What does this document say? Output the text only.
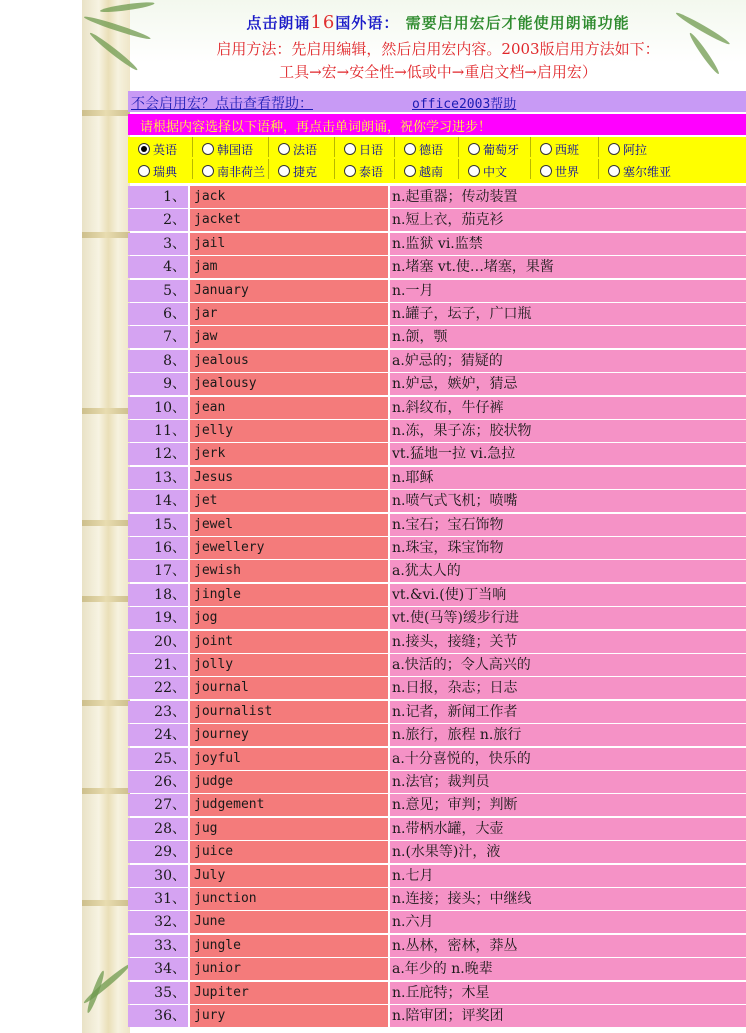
点击朗诵16国外语： 需要启用宏后才能使用朗诵功能
启用方法：先启用编辑，然后启用宏内容。2003版启用方法如下：
工具→宏→安全性→低或中→重启文档→启用宏）
不会启用宏？点击查看帮助：	office2003帮助
请根据内容选择以下语种，再点击单词朗诵，祝你学习进步！
英语	韩国语	法语	日语	德语	葡萄牙	西班	阿拉
瑞典	南非荷兰	捷克	泰语	越南	中文	世界	塞尔维亚
1、 jack	n.起重器；传动装置
2、 jacket	n.短上衣，茄克衫
3、 jail	n.监狱 vi.监禁
4、 jam	n.堵塞 vt.使…堵塞，果酱
5、 January	n.一月
6、 jar	n.罐子，坛子，广口瓶
7、 jaw	n.颌，颚
8、 jealous	a.妒忌的；猜疑的
9、 jealousy	n.妒忌，嫉妒，猜忌
10、 jean	n.斜纹布，牛仔裤
11、 jelly	n.冻，果子冻；胶状物
12、 jerk	vt.猛地一拉 vi.急拉
13、 Jesus	n.耶稣
14、 jet	n.喷气式飞机；喷嘴
15、 jewel	n.宝石；宝石饰物
16、 jewellery	n.珠宝，珠宝饰物
17、 jewish	a.犹太人的
18、 jingle	vt.&vi.(使)丁当响
19、 jog	vt.使(马等)缓步行进
20、 joint	n.接头，接缝；关节
21、 jolly	a.快活的；令人高兴的
22、 journal	n.日报，杂志；日志
23、 journalist	n.记者，新闻工作者
24、 journey	n.旅行，旅程 n.旅行
25、 joyful	a.十分喜悦的，快乐的
26、 judge	n.法官；裁判员
27、 judgement	n.意见；审判；判断
28、 jug	n.带柄水罐，大壶
29、 juice	n.(水果等)汁，液
30、 July	n.七月
31、 junction	n.连接；接头；中继线
32、 June	n.六月
33、 jungle	n.丛林，密林，莽丛
34、 junior	a.年少的 n.晚辈
35、 Jupiter	n.丘庇特；木星
36、 jury	n.陪审团；评奖团
